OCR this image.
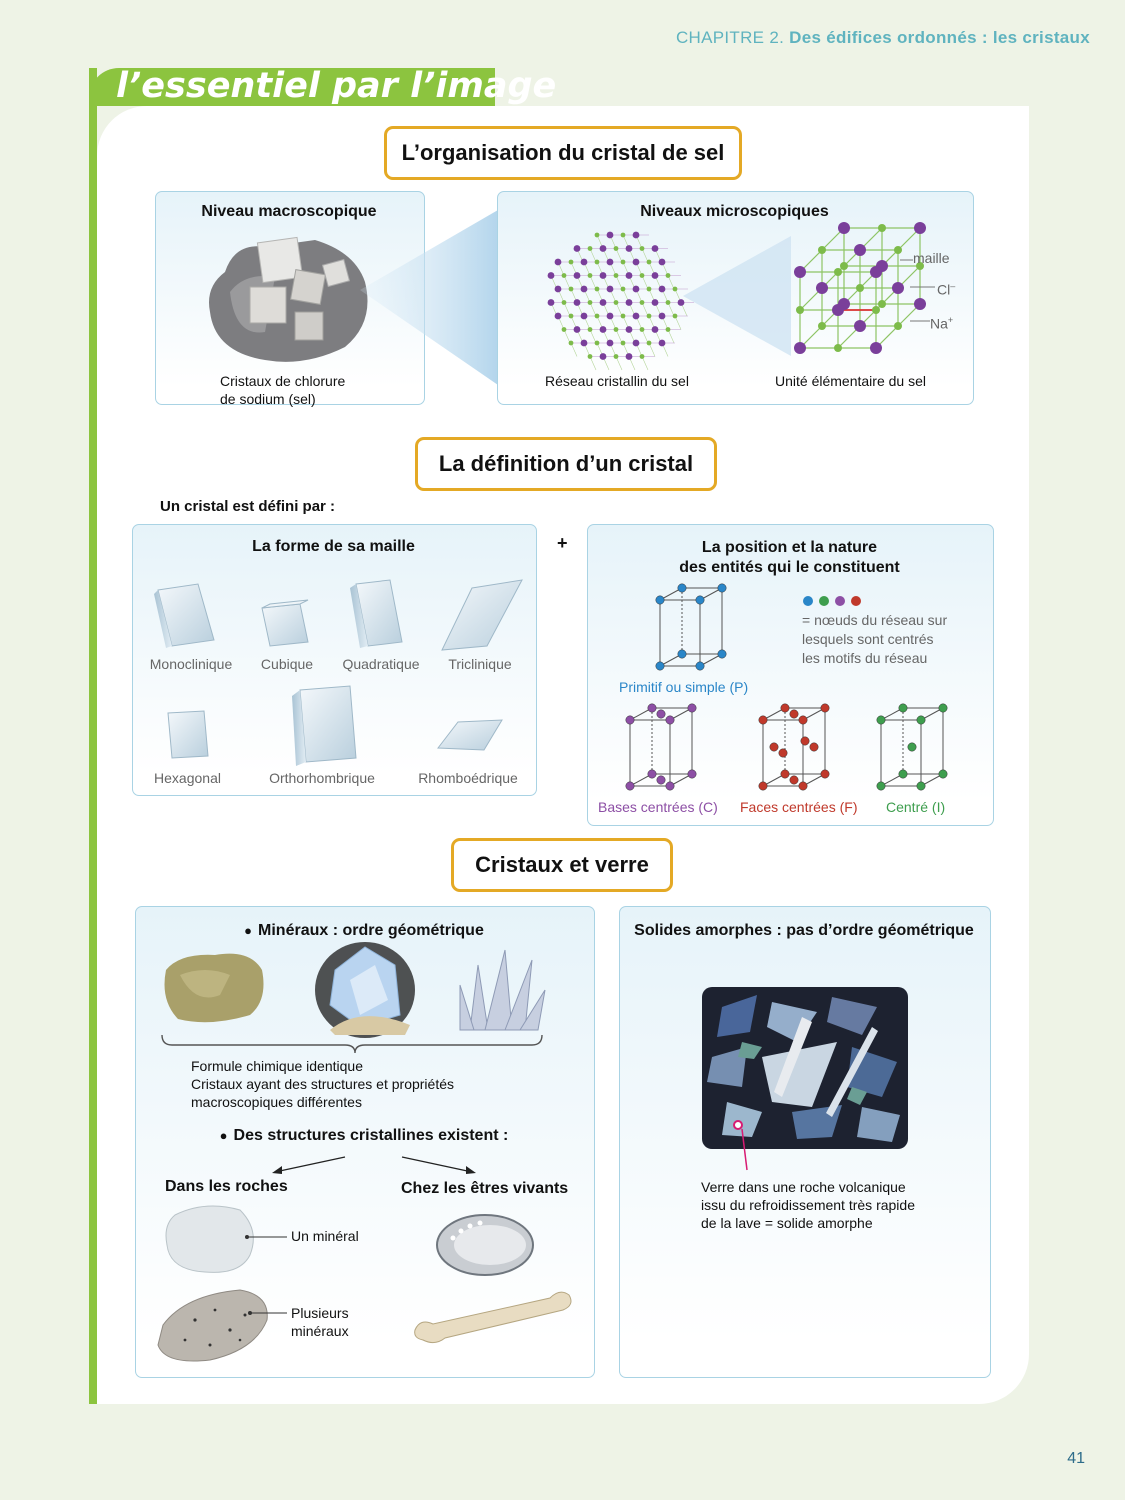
CHAPITRE 2. Des édifices ordonnés : les cristaux
l’essentiel par l’image
L’organisation du cristal de sel
Niveau macroscopique
Cristaux de chlorure
de sodium (sel)
Niveaux microscopiques
maille
Cl–
Na+
Réseau cristallin du sel	Unité élémentaire du sel
La définition d’un cristal
Un cristal est défini par :
La forme de sa maille	+
Monoclinique	Cubique	Quadratique	Triclinique
Hexagonal	Orthorhombrique	Rhomboédrique
La position et la nature
des entités qui le constituent
= nœuds du réseau sur
lesquels sont centrés
les motifs du réseau
Primitif ou simple (P)
Bases centrées (C) Faces centrées (F) Centré (I)
Cristaux et verre
● Minéraux : ordre géométrique
Formule chimique identique
Cristaux ayant des structures et propriétés
macroscopiques différentes
● Des structures cristallines existent :
Dans les roches	Chez les êtres vivants
Un minéral
Plusieurs
minéraux
Solides amorphes : pas d’ordre géométrique
Verre dans une roche volcanique
issu du refroidissement très rapide
de la lave = solide amorphe
41
